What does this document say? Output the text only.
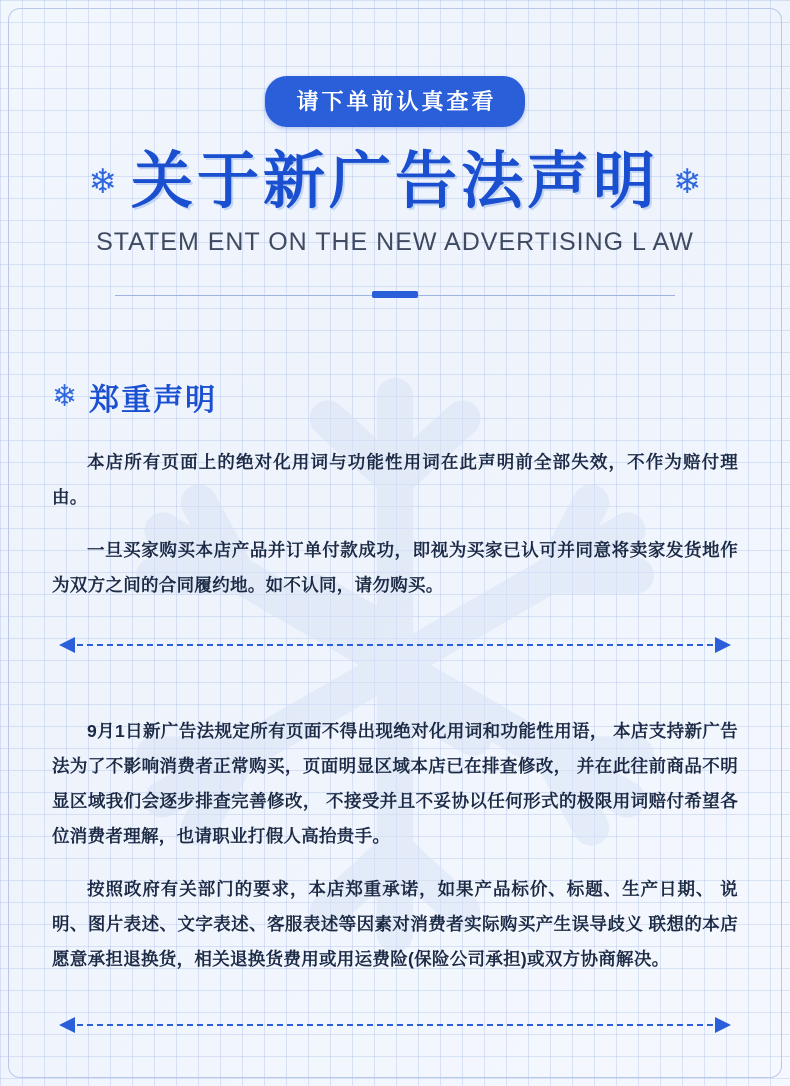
请下单前认真查看
❄ 关于新广告法声明 ❄
STATEM ENT ON THE NEW ADVERTISING L AW
❄ 郑重声明

本店所有页面上的绝对化用词与功能性用词在此声明前全部失效，不作为赔付理由。

一旦买家购买本店产品并订单付款成功，即视为买家已认可并同意将卖家发货地作为双方之间的合同履约地。如不认同，请勿购买。

9月1日新广告法规定所有页面不得出现绝对化用词和功能性用语， 本店支持新广告法为了不影响消费者正常购买，页面明显区域本店已在排查修改， 并在此往前商品不明显区域我们会逐步排查完善修改， 不接受并且不妥协以任何形式的极限用词赔付希望各位消费者理解，也请职业打假人高抬贵手。

按照政府有关部门的要求，本店郑重承诺，如果产品标价、标题、生产日期、 说明、图片表述、文字表述、客服表述等因素对消费者实际购买产生误导歧义 联想的本店愿意承担退换货，相关退换货费用或用运费险(保险公司承担)或双方协商解决。
